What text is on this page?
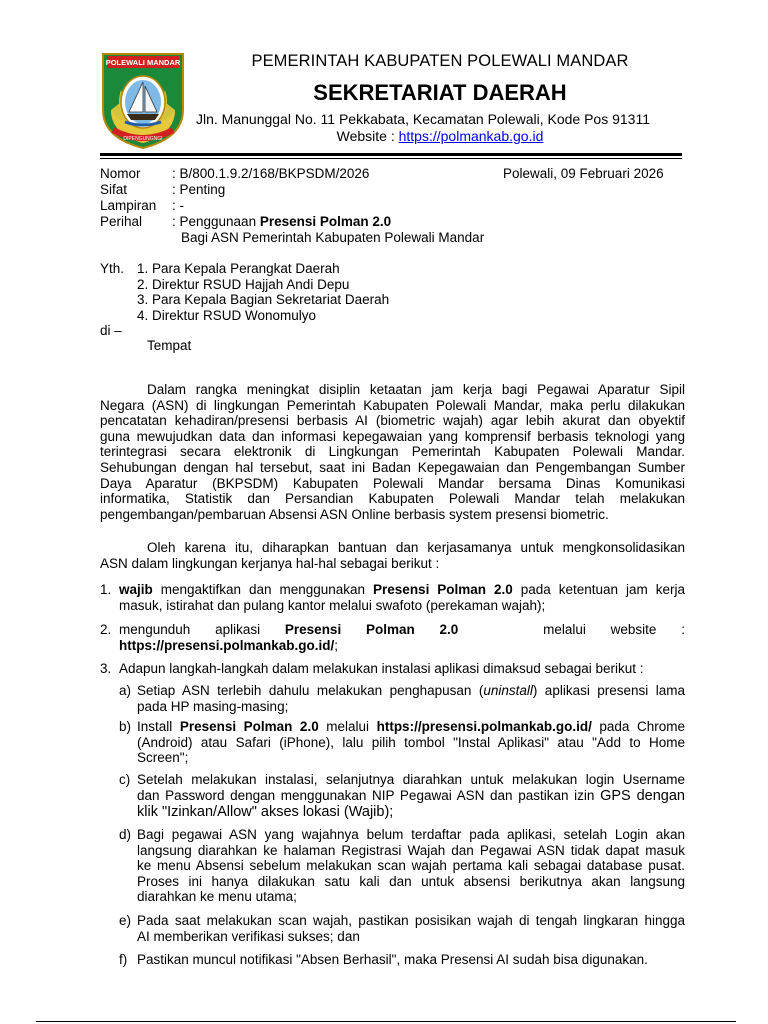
POLEWALI MANDAR
DIPENGUNGNGI
PEMERINTAH KABUPATEN POLEWALI MANDAR
SEKRETARIAT DAERAH
Jln. Manunggal No. 11 Pekkabata, Kecamatan Polewali, Kode Pos 91311
Website : https://polmankab.go.id
Nomor : B/800.1.9.2/168/BKPSDM/2026	Polewali, 09 Februari 2026
Sifat	: Penting
Lampiran : -
Perihal : Penggunaan Presensi Polman 2.0
Bagi ASN Pemerintah Kabupaten Polewali Mandar
Yth. 1. Para Kepala Perangkat Daerah
2. Direktur RSUD Hajjah Andi Depu
3. Para Kepala Bagian Sekretariat Daerah
4. Direktur RSUD Wonomulyo
di –
Tempat
Dalam rangka meningkat disiplin ketaatan jam kerja bagi Pegawai Aparatur Sipil
Negara (ASN) di lingkungan Pemerintah Kabupaten Polewali Mandar, maka perlu dilakukan
pencatatan kehadiran/presensi berbasis AI (biometric wajah) agar lebih akurat dan obyektif
guna mewujudkan data dan informasi kepegawaian yang komprensif berbasis teknologi yang
terintegrasi secara elektronik di Lingkungan Pemerintah Kabupaten Polewali Mandar.
Sehubungan dengan hal tersebut, saat ini Badan Kepegawaian dan Pengembangan Sumber
Daya Aparatur (BKPSDM) Kabupaten Polewali Mandar bersama Dinas Komunikasi
informatika, Statistik dan Persandian Kabupaten Polewali Mandar telah melakukan
pengembangan/pembaruan Absensi ASN Online berbasis system presensi biometric.
Oleh karena itu, diharapkan bantuan dan kerjasamanya untuk mengkonsolidasikan
ASN dalam lingkungan kerjanya hal-hal sebagai berikut :
1. wajib mengaktifkan dan menggunakan Presensi Polman 2.0 pada ketentuan jam kerja
masuk, istirahat dan pulang kantor melalui swafoto (perekaman wajah);
2. mengunduh aplikasi Presensi Polman 2.0	melalui website :
https://presensi.polmankab.go.id/;
3. Adapun langkah-langkah dalam melakukan instalasi aplikasi dimaksud sebagai berikut :
a) Setiap ASN terlebih dahulu melakukan penghapusan (uninstall) aplikasi presensi lama
pada HP masing-masing;
b) Install Presensi Polman 2.0 melalui https://presensi.polmankab.go.id/ pada Chrome
(Android) atau Safari (iPhone), lalu pilih tombol "Instal Aplikasi" atau "Add to Home
Screen";
c) Setelah melakukan instalasi, selanjutnya diarahkan untuk melakukan login Username
dan Password dengan menggunakan NIP Pegawai ASN dan pastikan izin GPS dengan
klik "Izinkan/Allow" akses lokasi (Wajib);
d) Bagi pegawai ASN yang wajahnya belum terdaftar pada aplikasi, setelah Login akan
langsung diarahkan ke halaman Registrasi Wajah dan Pegawai ASN tidak dapat masuk
ke menu Absensi sebelum melakukan scan wajah pertama kali sebagai database pusat.
Proses ini hanya dilakukan satu kali dan untuk absensi berikutnya akan langsung
diarahkan ke menu utama;
e) Pada saat melakukan scan wajah, pastikan posisikan wajah di tengah lingkaran hingga
AI memberikan verifikasi sukses; dan
f) Pastikan muncul notifikasi "Absen Berhasil", maka Presensi AI sudah bisa digunakan.
